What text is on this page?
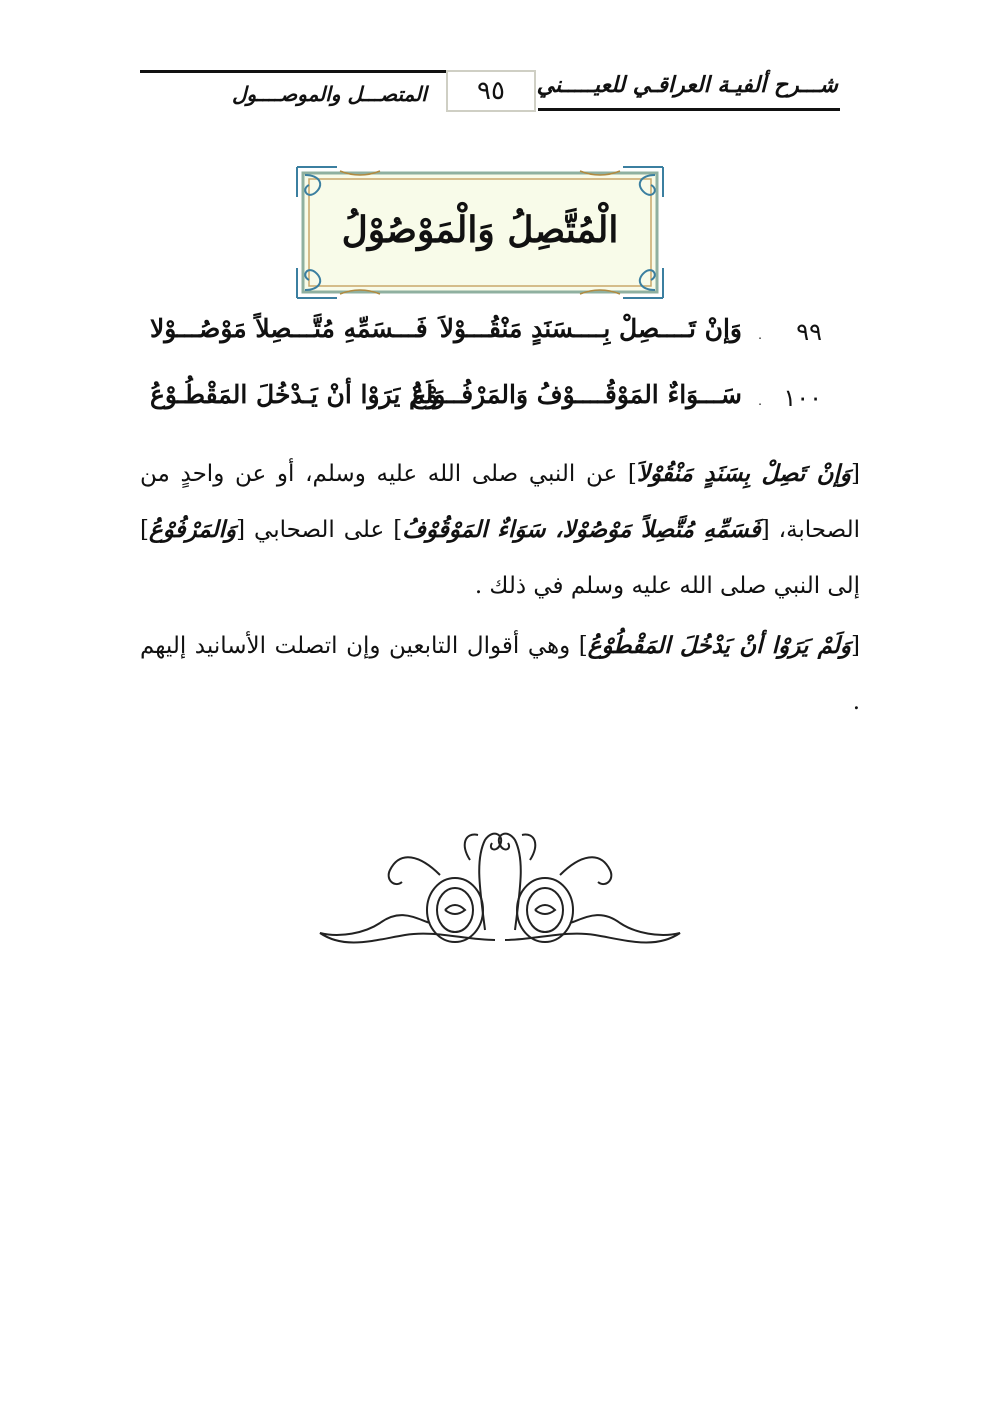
المتصـــل والموصــــول	٩٥	شـــرح ألفيـة العراقـي للعيـــــني
الْمُتَّصِلُ وَالْمَوْصُوْلُ
٩٩
.
وَإنْ تَــــصِلْ بِــــسَنَدٍ مَنْقُـــوْلاَ
فَـــسَمِّهِ مُتَّـــصِلاً مَوْصُـــوْلا
١٠٠
.
سَـــوَاءٌ المَوْقُــــوْفُ وَالمَرْفُـــوْعُ
وَلَمْ يَرَوْا أنْ يَـدْخُلَ المَقْطُـوْعُ
[وَإنْ تَصِلْ بِسَنَدٍ مَنْقُوْلاَ] عن النبي صلى الله عليه وسلم، أو عن واحدٍ من الصحابة، [فَسَمِّهِ مُتَّصِلاً مَوْصُوْلا، سَوَاءٌ المَوْقُوْفُ] على الصحابي [وَالمَرْفُوْعُ] إلى النبي صلى الله عليه وسلم في ذلك .
[وَلَمْ يَرَوْا أنْ يَدْخُلَ المَقْطُوْعُ] وهي أقوال التابعين وإن اتصلت الأسانيد إليهم .
